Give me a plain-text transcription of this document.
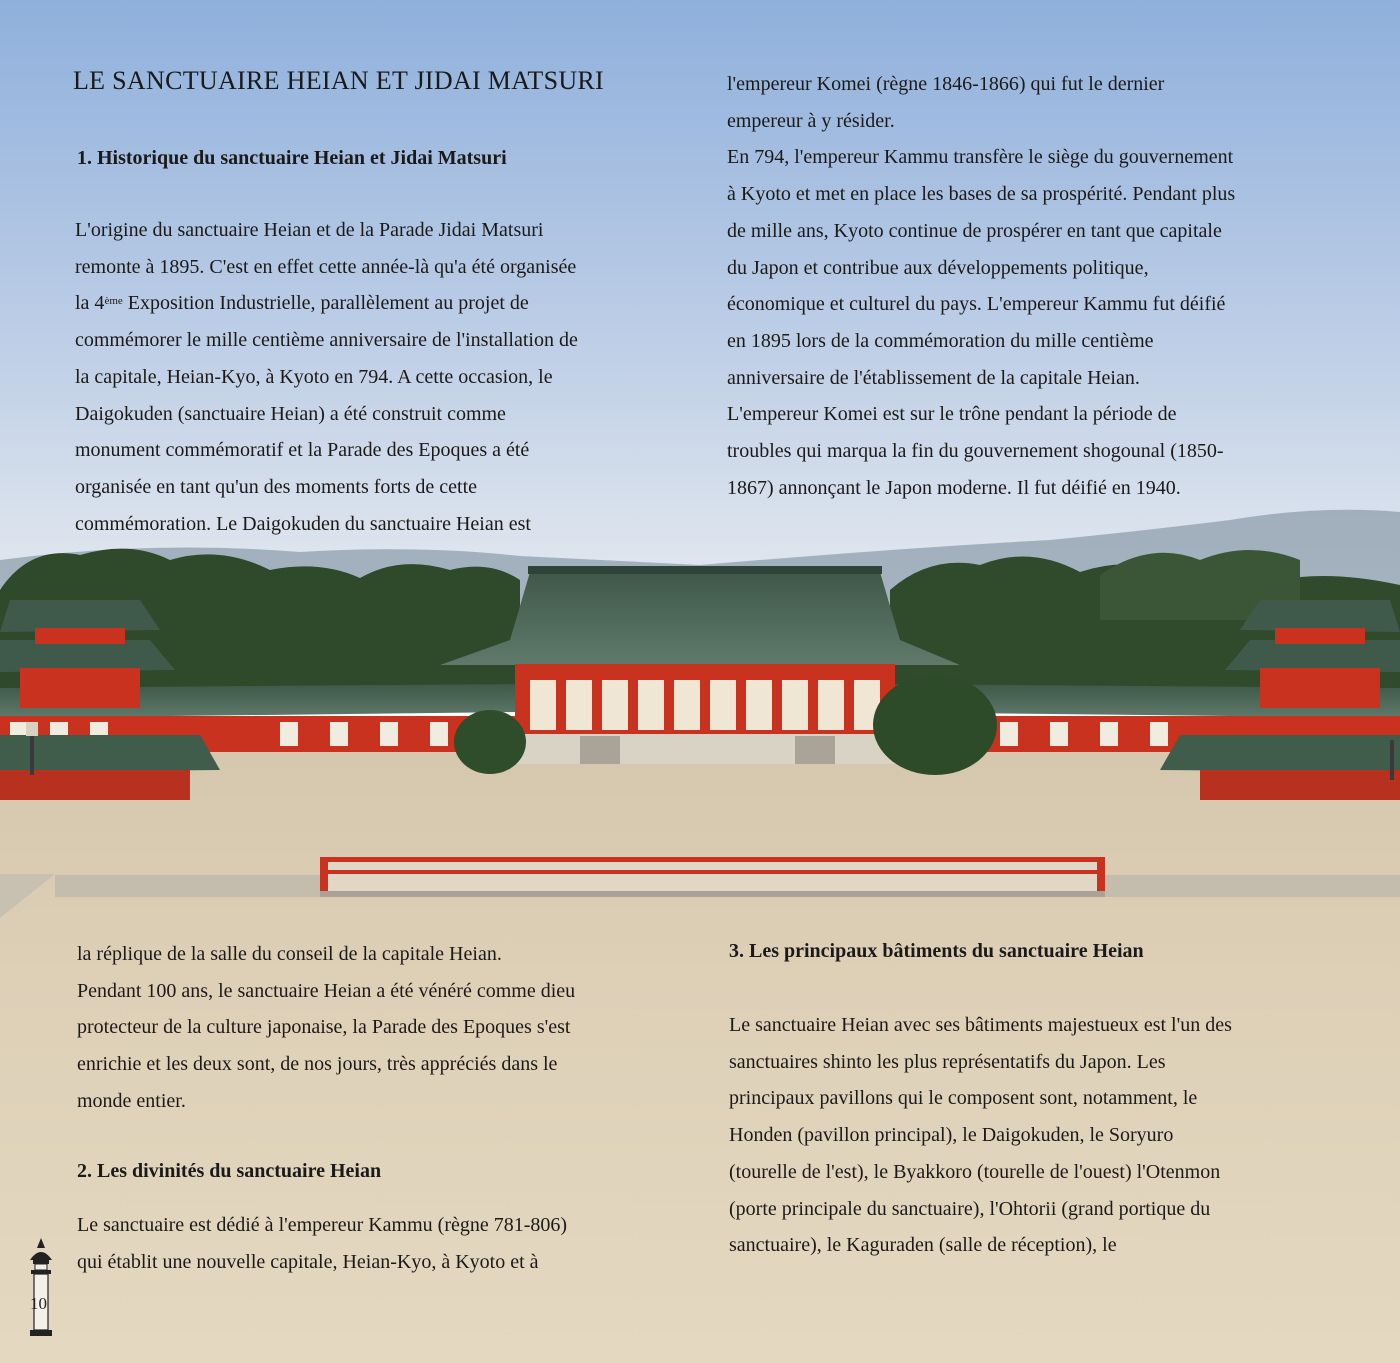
LE SANCTUAIRE HEIAN ET JIDAI MATSURI
1. Historique du sanctuaire Heian et Jidai Matsuri
L'origine du sanctuaire Heian et de la Parade Jidai Matsuri
remonte à 1895. C'est en effet cette année-là qu'a été organisée
la 4ème Exposition Industrielle, parallèlement au projet de
commémorer le mille centième anniversaire de l'installation de
la capitale, Heian-Kyo, à Kyoto en 794. A cette occasion, le
Daigokuden (sanctuaire Heian) a été construit comme
monument commémoratif et la Parade des Epoques a été
organisée en tant qu'un des moments forts de cette
commémoration. Le Daigokuden du sanctuaire Heian est
l'empereur Komei (règne 1846-1866) qui fut le dernier
empereur à y résider.
En 794, l'empereur Kammu transfère le siège du gouvernement
à Kyoto et met en place les bases de sa prospérité. Pendant plus
de mille ans, Kyoto continue de prospérer en tant que capitale
du Japon et contribue aux développements politique,
économique et culturel du pays. L'empereur Kammu fut déifié
en 1895 lors de la commémoration du mille centième
anniversaire de l'établissement de la capitale Heian.
L'empereur Komei est sur le trône pendant la période de
troubles qui marqua la fin du gouvernement shogounal (1850-
1867) annonçant le Japon moderne. Il fut déifié en 1940.
la réplique de la salle du conseil de la capitale Heian.
Pendant 100 ans, le sanctuaire Heian a été vénéré comme dieu
protecteur de la culture japonaise, la Parade des Epoques s'est
enrichie et les deux sont, de nos jours, très appréciés dans le
monde entier.
2. Les divinités du sanctuaire Heian
Le sanctuaire est dédié à l'empereur Kammu (règne 781-806)
qui établit une nouvelle capitale, Heian-Kyo, à Kyoto et à
3. Les principaux bâtiments du sanctuaire Heian
Le sanctuaire Heian avec ses bâtiments majestueux est l'un des
sanctuaires shinto les plus représentatifs du Japon. Les
principaux pavillons qui le composent sont, notamment, le
Honden (pavillon principal), le Daigokuden, le Soryuro
(tourelle de l'est), le Byakkoro (tourelle de l'ouest) l'Otenmon
(porte principale du sanctuaire), l'Ohtorii (grand portique du
sanctuaire), le Kaguraden (salle de réception), le
10
